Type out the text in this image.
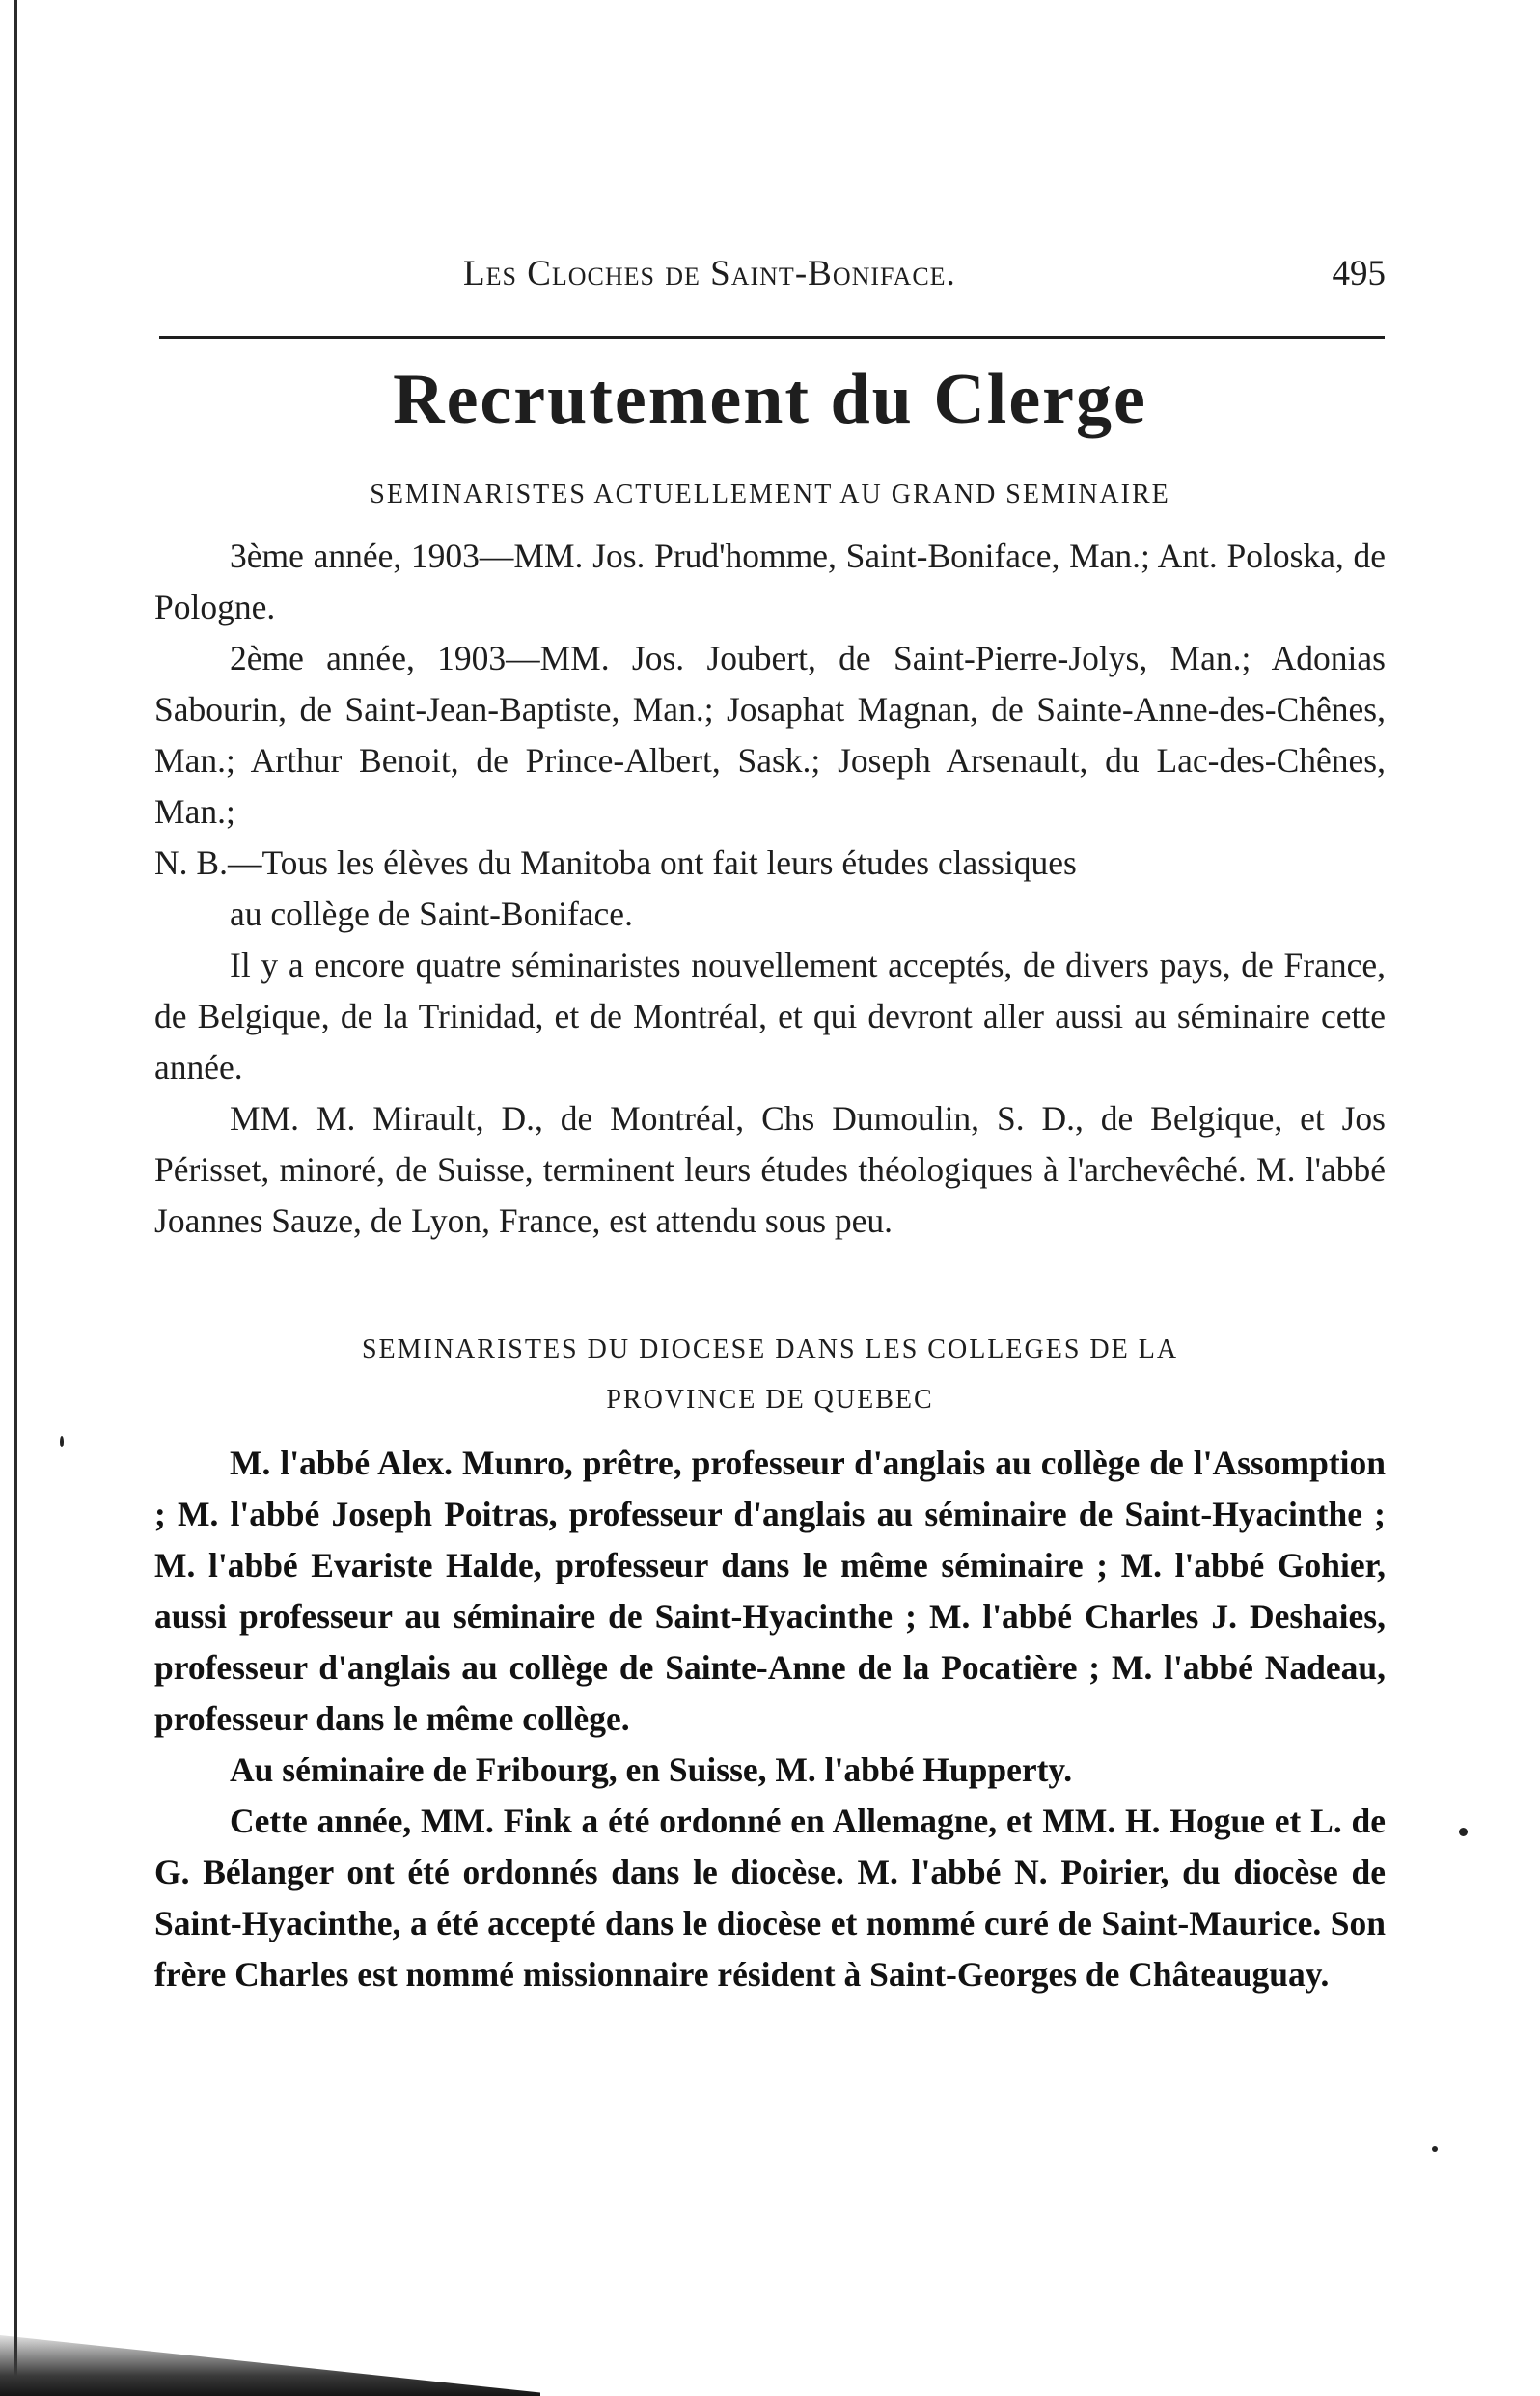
Les Cloches de Saint-Boniface.	495
Recrutement du Clerge
SEMINARISTES ACTUELLEMENT AU GRAND SEMINAIRE

3ème année, 1903—MM. Jos. Prud'homme, Saint-Boniface, Man.; Ant. Poloska, de Pologne.

2ème année, 1903—MM. Jos. Joubert, de Saint-Pierre-Jolys, Man.; Adonias Sabourin, de Saint-Jean-Baptiste, Man.; Josaphat Magnan, de Sainte-Anne-des-Chênes, Man.; Arthur Benoit, de Prince-Albert, Sask.; Joseph Arsenault, du Lac-des-Chênes, Man.;

N. B.—Tous les élèves du Manitoba ont fait leurs études classiques

au collège de Saint-Boniface.

Il y a encore quatre séminaristes nouvellement acceptés, de divers pays, de France, de Belgique, de la Trinidad, et de Montréal, et qui devront aller aussi au séminaire cette année.

MM. M. Mirault, D., de Montréal, Chs Dumoulin, S. D., de Belgique, et Jos Périsset, minoré, de Suisse, terminent leurs études théologiques à l'archevêché. M. l'abbé Joannes Sauze, de Lyon, France, est attendu sous peu.

SEMINARISTES DU DIOCESE DANS LES COLLEGES DE LA
PROVINCE DE QUEBEC

M. l'abbé Alex. Munro, prêtre, professeur d'anglais au collège de l'Assomption ; M. l'abbé Joseph Poitras, professeur d'anglais au séminaire de Saint-Hyacinthe ; M. l'abbé Evariste Halde, professeur dans le même séminaire ; M. l'abbé Gohier, aussi professeur au séminaire de Saint-Hyacinthe ; M. l'abbé Charles J. Deshaies, professeur d'anglais au collège de Sainte-Anne de la Pocatière ; M. l'abbé Nadeau, professeur dans le même collège.

Au séminaire de Fribourg, en Suisse, M. l'abbé Hupperty.

Cette année, MM. Fink a été ordonné en Allemagne, et MM. H. Hogue et L. de G. Bélanger ont été ordonnés dans le diocèse. M. l'abbé N. Poirier, du diocèse de Saint-Hyacinthe, a été accepté dans le diocèse et nommé curé de Saint-Maurice. Son frère Charles est nommé missionnaire résident à Saint-Georges de Châteauguay.
